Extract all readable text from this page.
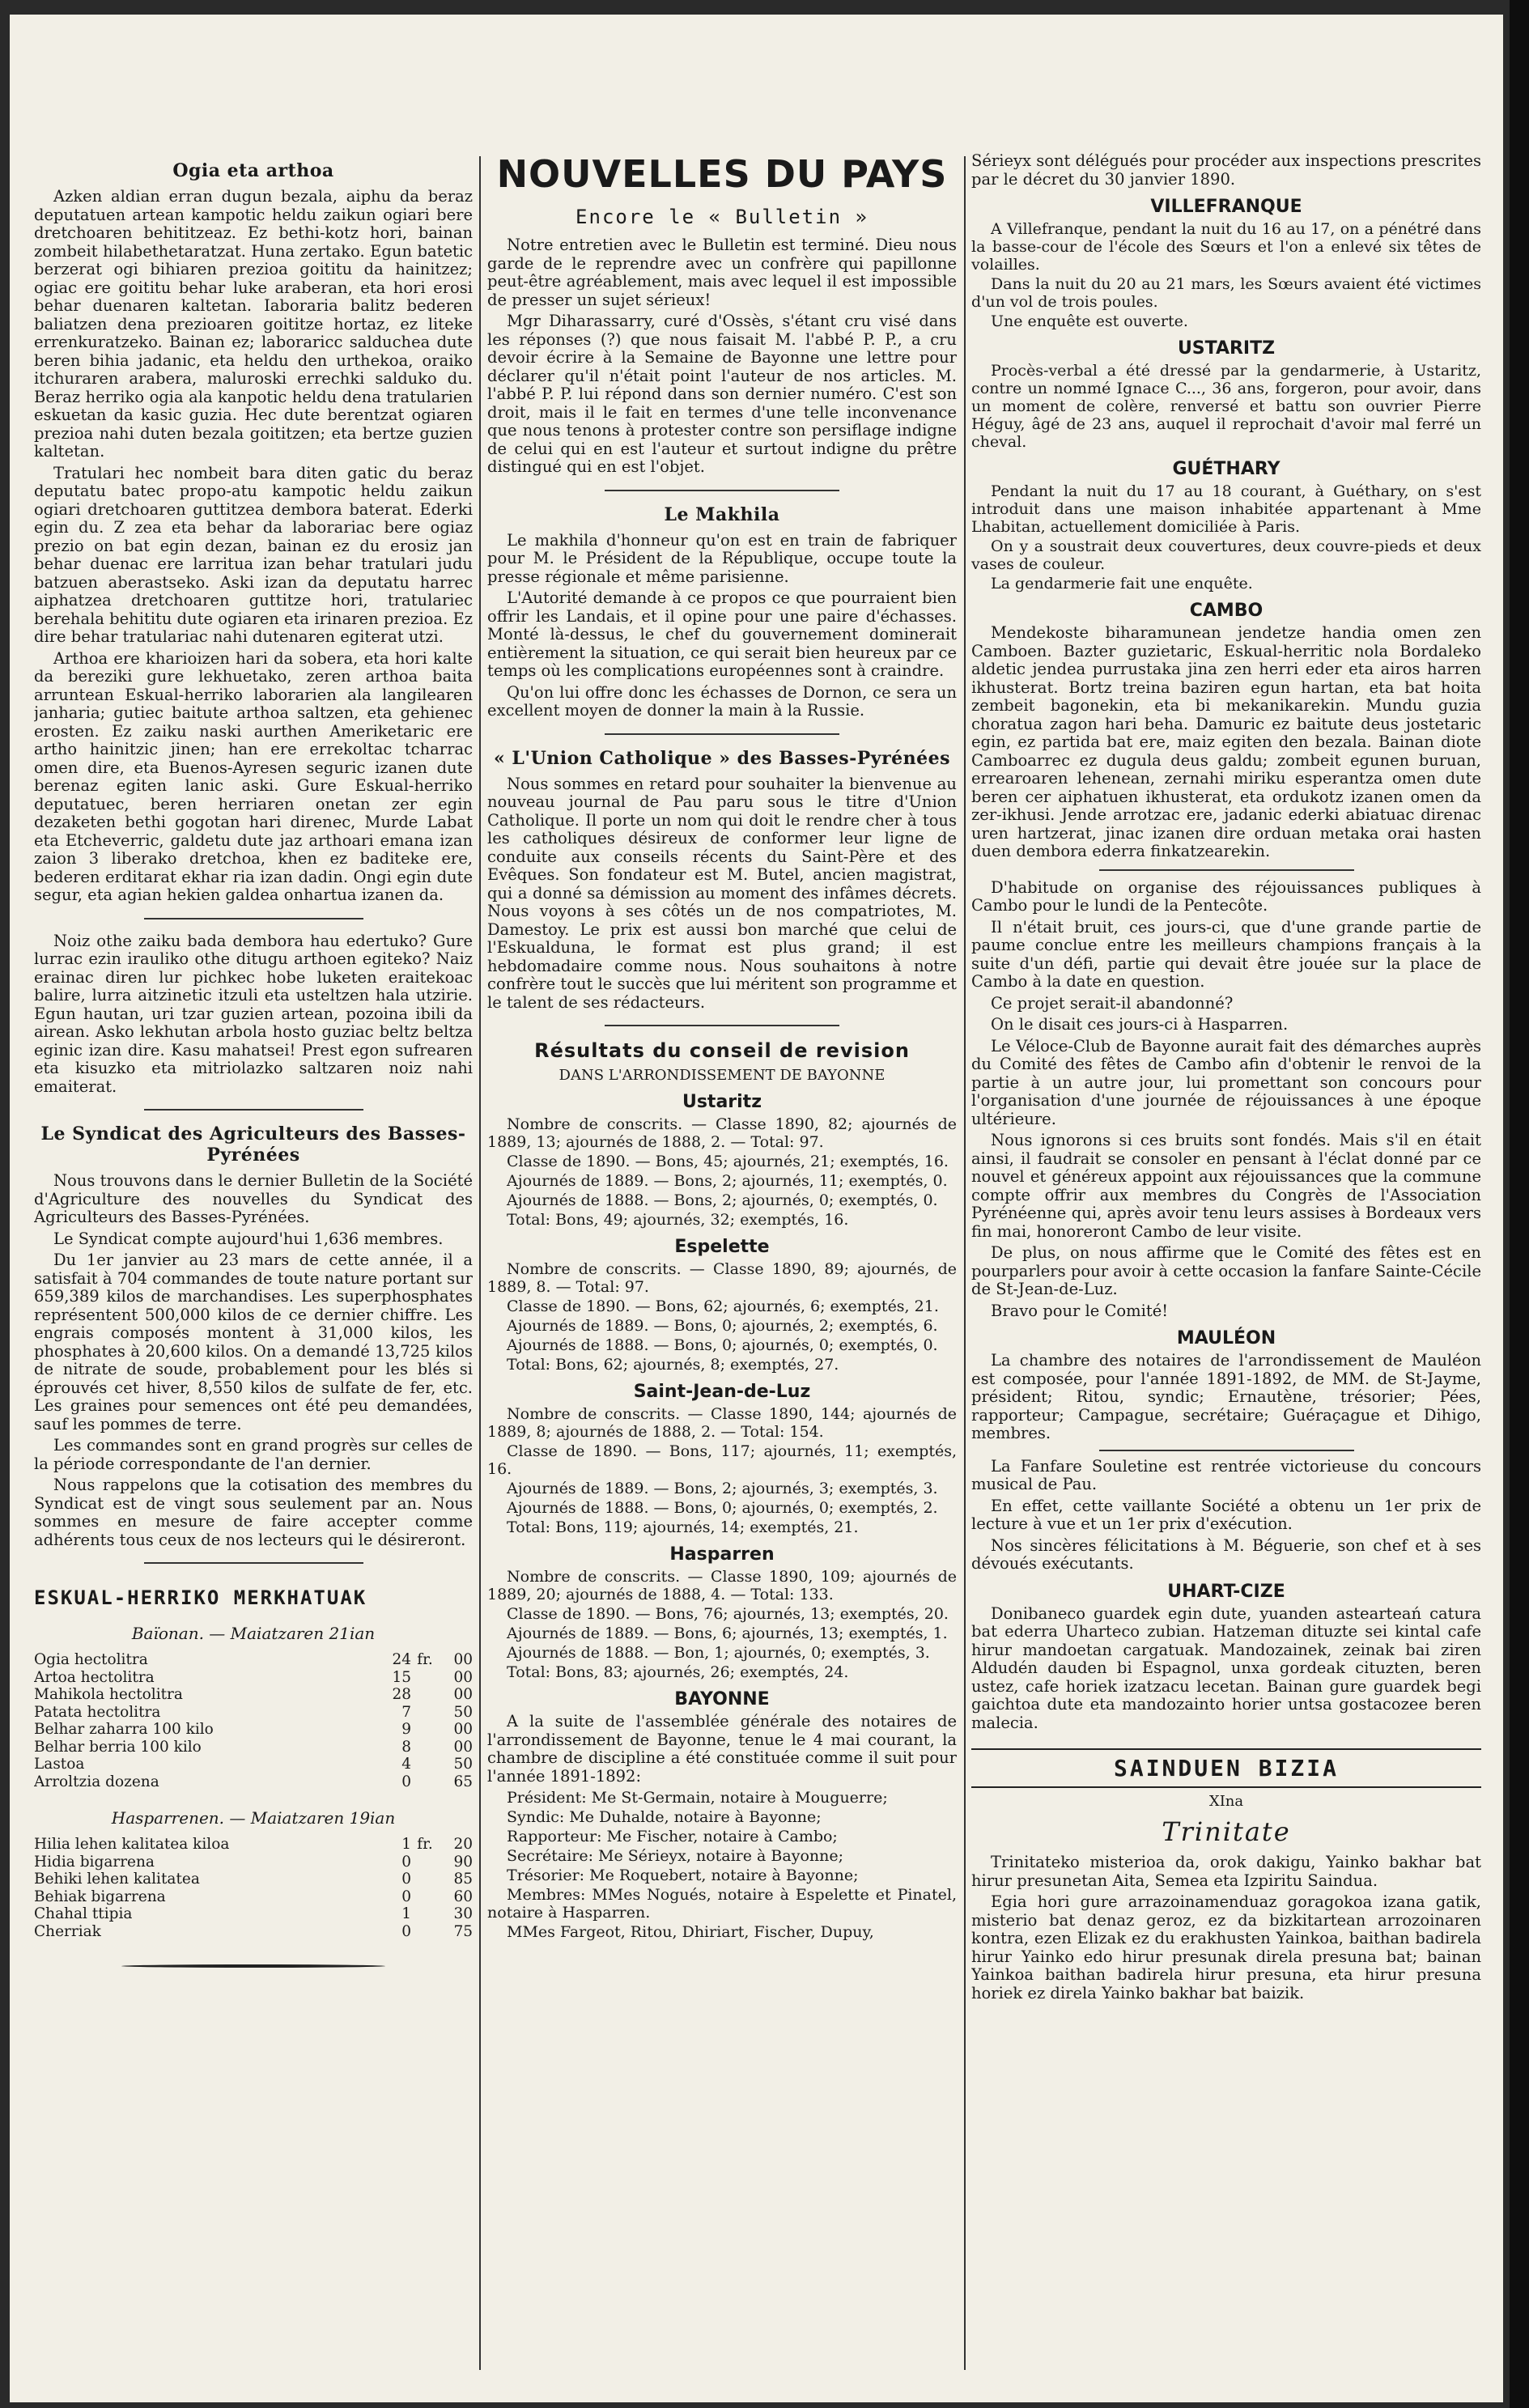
Ogia eta arthoa

Azken aldian erran dugun bezala, aiphu da beraz deputatuen artean kampotic heldu zaikun ogiari bere dretchoaren behititzeaz. Ez bethi-kotz hori, bainan zombeit hilabethetaratzat. Huna zertako. Egun batetic berzerat ogi bihiaren prezioa goititu da hainitzez; ogiac ere goititu behar luke araberan, eta hori erosi behar duenaren kaltetan. Iaboraria balitz bederen baliatzen dena prezioaren goititze hortaz, ez liteke errenkuratzeko. Bainan ez; laboraricc salduchea dute beren bihia jadanic, eta heldu den urthekoa, oraiko itchuraren arabera, maluroski errechki salduko du. Beraz herriko ogia ala kanpotic heldu dena tratularien eskuetan da kasic guzia. Hec dute berentzat ogiaren prezioa nahi duten bezala goititzen; eta bertze guzien kaltetan.

Tratulari hec nombeit bara diten gatic du beraz deputatu batec propo-atu kampotic heldu zaikun ogiari dretchoaren guttitzea dembora baterat. Ederki egin du. Z zea eta behar da laborariac bere ogiaz prezio on bat egin dezan, bainan ez du erosiz jan behar duenac ere larritua izan behar tratulari judu batzuen aberastseko. Aski izan da deputatu harrec aiphatzea dretchoaren guttitze hori, tratulariec berehala behititu dute ogiaren eta irinaren prezioa. Ez dire behar tratulariac nahi dutenaren egiterat utzi.

Arthoa ere kharioizen hari da sobera, eta hori kalte da bereziki gure lekhuetako, zeren arthoa baita arruntean Eskual-herriko laborarien ala langilearen janharia; gutiec baitute arthoa saltzen, eta gehienec erosten. Ez zaiku naski aurthen Ameriketaric ere artho hainitzic jinen; han ere errekoltac tcharrac omen dire, eta Buenos-Ayresen seguric izanen dute berenaz egiten lanic aski. Gure Eskual-herriko deputatuec, beren herriaren onetan zer egin dezaketen bethi gogotan hari direnec, Murde Labat eta Etcheverric, galdetu dute jaz arthoari emana izan zaion 3 liberako dretchoa, khen ez baditeke ere, bederen erditarat ekhar ria izan dadin. Ongi egin dute segur, eta agian hekien galdea onhartua izanen da.

Noiz othe zaiku bada dembora hau edertuko? Gure lurrac ezin irauliko othe ditugu arthoen egiteko? Naiz erainac diren lur pichkec hobe luketen eraitekoac balire, lurra aitzinetic itzuli eta usteltzen hala utzirie. Egun hautan, uri tzar guzien artean, pozoina ibili da airean. Asko lekhutan arbola hosto guziac beltz beltza eginic izan dire. Kasu mahatsei! Prest egon sufrearen eta kisuzko eta mitriolazko saltzaren noiz nahi emaiterat.

Le Syndicat des Agriculteurs des Basses-Pyrénées

Nous trouvons dans le dernier Bulletin de la Société d'Agriculture des nouvelles du Syndicat des Agriculteurs des Basses-Pyrénées.

Le Syndicat compte aujourd'hui 1,636 membres.

Du 1er janvier au 23 mars de cette année, il a satisfait à 704 commandes de toute nature portant sur 659,389 kilos de marchandises. Les superphosphates représentent 500,000 kilos de ce dernier chiffre. Les engrais composés montent à 31,000 kilos, les phosphates à 20,600 kilos. On a demandé 13,725 kilos de nitrate de soude, probablement pour les blés si éprouvés cet hiver, 8,550 kilos de sulfate de fer, etc. Les graines pour semences ont été peu demandées, sauf les pommes de terre.

Les commandes sont en grand progrès sur celles de la période correspondante de l'an dernier.

Nous rappelons que la cotisation des membres du Syndicat est de vingt sous seulement par an. Nous sommes en mesure de faire accepter comme adhérents tous ceux de nos lecteurs qui le désireront.

ESKUAL-HERRIKO MERKHATUAK
Baïonan. — Maiatzaren 21ian
Ogia hectolitra	24	fr.	00
Artoa hectolitra	15		00
Mahikola hectolitra	28		00
Patata hectolitra	7		50
Belhar zaharra 100 kilo	9		00
Belhar berria 100 kilo	8		00
Lastoa	4		50
Arroltzia dozena	0		65
Hasparrenen. — Maiatzaren 19ian
Hilia lehen kalitatea kiloa	1	fr.	20
Hidia bigarrena	0		90
Behiki lehen kalitatea	0		85
Behiak bigarrena	0		60
Chahal ttipia	1		30
Cherriak	0		75
NOUVELLES DU PAYS
Encore le « Bulletin »

Notre entretien avec le Bulletin est terminé. Dieu nous garde de le reprendre avec un confrère qui papillonne peut-être agréablement, mais avec lequel il est impossible de presser un sujet sérieux!

Mgr Diharassarry, curé d'Ossès, s'étant cru visé dans les réponses (?) que nous faisait M. l'abbé P. P., a cru devoir écrire à la Semaine de Bayonne une lettre pour déclarer qu'il n'était point l'auteur de nos articles. M. l'abbé P. P. lui répond dans son dernier numéro. C'est son droit, mais il le fait en termes d'une telle inconvenance que nous tenons à protester contre son persiflage indigne de celui qui en est l'auteur et surtout indigne du prêtre distingué qui en est l'objet.

Le Makhila

Le makhila d'honneur qu'on est en train de fabriquer pour M. le Président de la République, occupe toute la presse régionale et même parisienne.

L'Autorité demande à ce propos ce que pourraient bien offrir les Landais, et il opine pour une paire d'échasses. Monté là-dessus, le chef du gouvernement dominerait entièrement la situation, ce qui serait bien heureux par ce temps où les complications européennes sont à craindre.

Qu'on lui offre donc les échasses de Dornon, ce sera un excellent moyen de donner la main à la Russie.

« L'Union Catholique » des Basses-Pyrénées

Nous sommes en retard pour souhaiter la bienvenue au nouveau journal de Pau paru sous le titre d'Union Catholique. Il porte un nom qui doit le rendre cher à tous les catholiques désireux de conformer leur ligne de conduite aux conseils récents du Saint-Père et des Evêques. Son fondateur est M. Butel, ancien magistrat, qui a donné sa démission au moment des infâmes décrets. Nous voyons à ses côtés un de nos compatriotes, M. Damestoy. Le prix est aussi bon marché que celui de l'Eskualduna, le format est plus grand; il est hebdomadaire comme nous. Nous souhaitons à notre confrère tout le succès que lui méritent son programme et le talent de ses rédacteurs.

Résultats du conseil de revision
DANS L'ARRONDISSEMENT DE BAYONNE
Ustaritz

Nombre de conscrits. — Classe 1890, 82; ajournés de 1889, 13; ajournés de 1888, 2. — Total: 97.

Classe de 1890. — Bons, 45; ajournés, 21; exemptés, 16.

Ajournés de 1889. — Bons, 2; ajournés, 11; exemptés, 0.

Ajournés de 1888. — Bons, 2; ajournés, 0; exemptés, 0.

Total: Bons, 49; ajournés, 32; exemptés, 16.

Espelette

Nombre de conscrits. — Classe 1890, 89; ajournés, de 1889, 8. — Total: 97.

Classe de 1890. — Bons, 62; ajournés, 6; exemptés, 21.

Ajournés de 1889. — Bons, 0; ajournés, 2; exemptés, 6.

Ajournés de 1888. — Bons, 0; ajournés, 0; exemptés, 0.

Total: Bons, 62; ajournés, 8; exemptés, 27.

Saint-Jean-de-Luz

Nombre de conscrits. — Classe 1890, 144; ajournés de 1889, 8; ajournés de 1888, 2. — Total: 154.

Classe de 1890. — Bons, 117; ajournés, 11; exemptés, 16.

Ajournés de 1889. — Bons, 2; ajournés, 3; exemptés, 3.

Ajournés de 1888. — Bons, 0; ajournés, 0; exemptés, 2.

Total: Bons, 119; ajournés, 14; exemptés, 21.

Hasparren

Nombre de conscrits. — Classe 1890, 109; ajournés de 1889, 20; ajournés de 1888, 4. — Total: 133.

Classe de 1890. — Bons, 76; ajournés, 13; exemptés, 20.

Ajournés de 1889. — Bons, 6; ajournés, 13; exemptés, 1.

Ajournés de 1888. — Bon, 1; ajournés, 0; exemptés, 3.

Total: Bons, 83; ajournés, 26; exemptés, 24.

BAYONNE

A la suite de l'assemblée générale des notaires de l'arrondissement de Bayonne, tenue le 4 mai courant, la chambre de discipline a été constituée comme il suit pour l'année 1891-1892:

Président: Me St-Germain, notaire à Mouguerre;

Syndic: Me Duhalde, notaire à Bayonne;

Rapporteur: Me Fischer, notaire à Cambo;

Secrétaire: Me Sérieyx, notaire à Bayonne;

Trésorier: Me Roquebert, notaire à Bayonne;

Membres: MMes Nogués, notaire à Espelette et Pinatel, notaire à Hasparren.

MMes Fargeot, Ritou, Dhiriart, Fischer, Dupuy,

Sérieyx sont délégués pour procéder aux inspections prescrites par le décret du 30 janvier 1890.

VILLEFRANQUE

A Villefranque, pendant la nuit du 16 au 17, on a pénétré dans la basse-cour de l'école des Sœurs et l'on a enlevé six têtes de volailles.

Dans la nuit du 20 au 21 mars, les Sœurs avaient été victimes d'un vol de trois poules.

Une enquête est ouverte.

USTARITZ

Procès-verbal a été dressé par la gendarmerie, à Ustaritz, contre un nommé Ignace C..., 36 ans, forgeron, pour avoir, dans un moment de colère, renversé et battu son ouvrier Pierre Héguy, âgé de 23 ans, auquel il reprochait d'avoir mal ferré un cheval.

GUÉTHARY

Pendant la nuit du 17 au 18 courant, à Guéthary, on s'est introduit dans une maison inhabitée appartenant à Mme Lhabitan, actuellement domiciliée à Paris.

On y a soustrait deux couvertures, deux couvre-pieds et deux vases de couleur.

La gendarmerie fait une enquête.

CAMBO

Mendekoste biharamunean jendetze handia omen zen Camboen. Bazter guzietaric, Eskual-herritic nola Bordaleko aldetic jendea purrustaka jina zen herri eder eta airos harren ikhusterat. Bortz treina baziren egun hartan, eta bat hoita zembeit bagonekin, eta bi mekanikarekin. Mundu guzia choratua zagon hari beha. Damuric ez baitute deus jostetaric egin, ez partida bat ere, maiz egiten den bezala. Bainan diote Camboarrec ez dugula deus galdu; zombeit egunen buruan, errearoaren lehenean, zernahi miriku esperantza omen dute beren cer aiphatuen ikhusterat, eta ordukotz izanen omen da zer-ikhusi. Jende arrotzac ere, jadanic ederki abiatuac direnac uren hartzerat, jinac izanen dire orduan metaka orai hasten duen dembora ederra finkatzearekin.

D'habitude on organise des réjouissances publiques à Cambo pour le lundi de la Pentecôte.

Il n'était bruit, ces jours-ci, que d'une grande partie de paume conclue entre les meilleurs champions français à la suite d'un défi, partie qui devait être jouée sur la place de Cambo à la date en question.

Ce projet serait-il abandonné?

On le disait ces jours-ci à Hasparren.

Le Véloce-Club de Bayonne aurait fait des démarches auprès du Comité des fêtes de Cambo afin d'obtenir le renvoi de la partie à un autre jour, lui promettant son concours pour l'organisation d'une journée de réjouissances à une époque ultérieure.

Nous ignorons si ces bruits sont fondés. Mais s'il en était ainsi, il faudrait se consoler en pensant à l'éclat donné par ce nouvel et généreux appoint aux réjouissances que la commune compte offrir aux membres du Congrès de l'Association Pyrénéenne qui, après avoir tenu leurs assises à Bordeaux vers fin mai, honoreront Cambo de leur visite.

De plus, on nous affirme que le Comité des fêtes est en pourparlers pour avoir à cette occasion la fanfare Sainte-Cécile de St-Jean-de-Luz.

Bravo pour le Comité!

MAULÉON

La chambre des notaires de l'arrondissement de Mauléon est composée, pour l'année 1891-1892, de MM. de St-Jayme, président; Ritou, syndic; Ernautène, trésorier; Pées, rapporteur; Campague, secrétaire; Guéraçague et Dihigo, membres.

La Fanfare Souletine est rentrée victorieuse du concours musical de Pau.

En effet, cette vaillante Société a obtenu un 1er prix de lecture à vue et un 1er prix d'exécution.

Nos sincères félicitations à M. Béguerie, son chef et à ses dévoués exécutants.

UHART-CIZE

Donibaneco guardek egin dute, yuanden astearteań catura bat ederra Uharteco zubian. Hatzeman dituzte sei kintal cafe hirur mandoetan cargatuak. Mandozainek, zeinak bai ziren Aldudén dauden bi Espagnol, unxa gordeak cituzten, beren ustez, cafe horiek izatzacu lecetan. Bainan gure guardek begi gaichtoa dute eta mandozainto horier untsa gostacozee beren malecia.

SAINDUEN BIZIA
XIna
Trinitate

Trinitateko misterioa da, orok dakigu, Yainko bakhar bat hirur presunetan Aita, Semea eta Izpiritu Saindua.

Egia hori gure arrazoinamenduaz goragokoa izana gatik, misterio bat denaz geroz, ez da bizkitartean arrozoinaren kontra, ezen Elizak ez du erakhusten Yainkoa, baithan badirela hirur Yainko edo hirur presunak direla presuna bat; bainan Yainkoa baithan badirela hirur presuna, eta hirur presuna horiek ez direla Yainko bakhar bat baizik.
